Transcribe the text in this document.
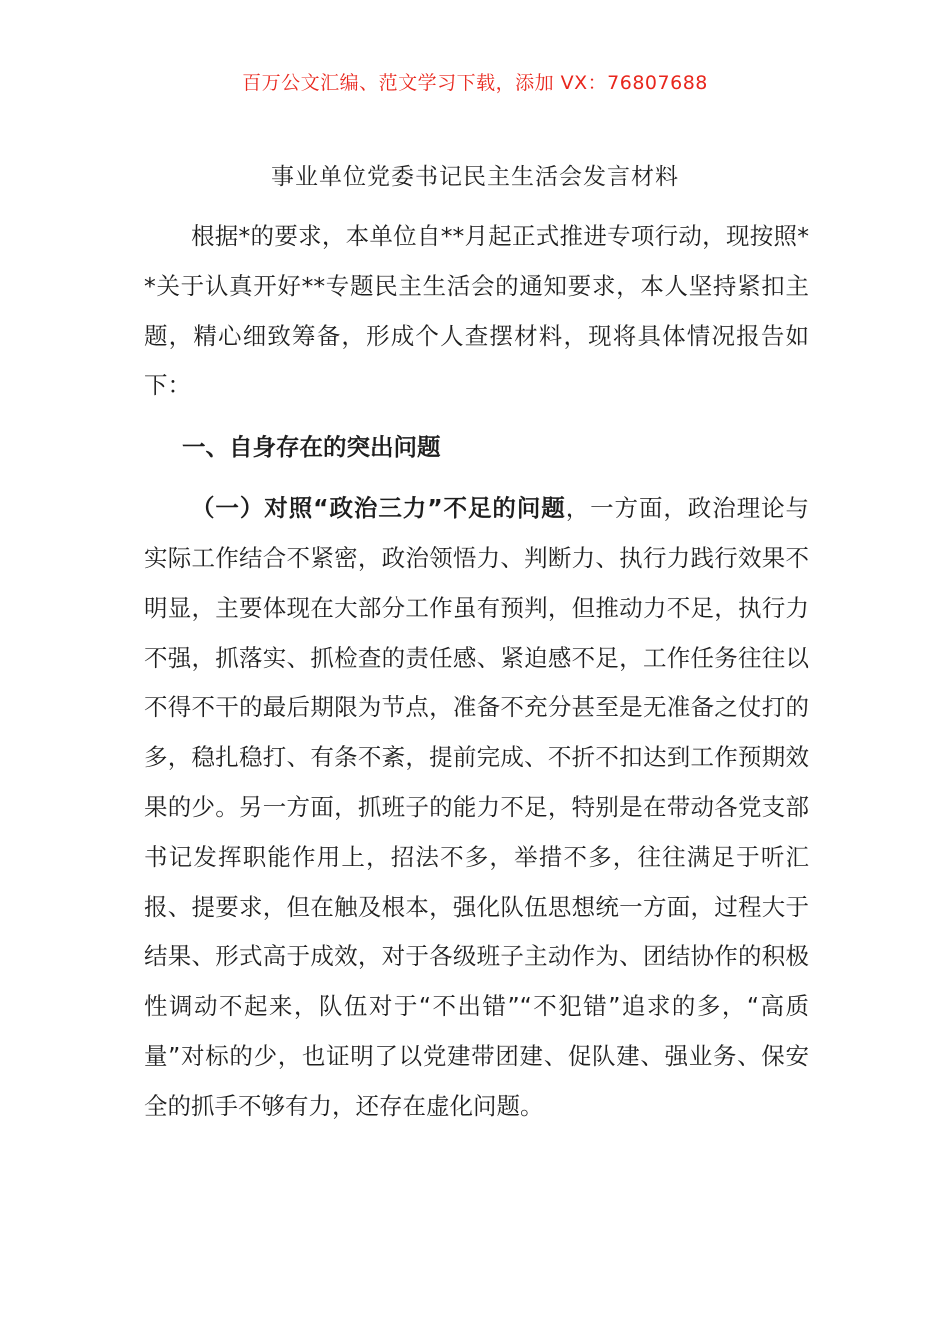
百万公文汇编、范文学习下载，添加 VX：76807688
事业单位党委书记民主生活会发言材料

根据*的要求，本单位自**月起正式推进专项行动，现按照**关于认真开好**专题民主生活会的通知要求，本人坚持紧扣主题，精心细致筹备，形成个人查摆材料，现将具体情况报告如下：

一、自身存在的突出问题

（一）对照“政治三力”不足的问题，一方面，政治理论与实际工作结合不紧密，政治领悟力、判断力、执行力践行效果不明显，主要体现在大部分工作虽有预判，但推动力不足，执行力不强，抓落实、抓检查的责任感、紧迫感不足，工作任务往往以不得不干的最后期限为节点，准备不充分甚至是无准备之仗打的多，稳扎稳打、有条不紊，提前完成、不折不扣达到工作预期效果的少。另一方面，抓班子的能力不足，特别是在带动各党支部书记发挥职能作用上，招法不多，举措不多，往往满足于听汇报、提要求，但在触及根本，强化队伍思想统一方面，过程大于结果、形式高于成效，对于各级班子主动作为、团结协作的积极性调动不起来，队伍对于“不出错”“不犯错”追求的多，“高质量”对标的少，也证明了以党建带团建、促队建、强业务、保安全的抓手不够有力，还存在虚化问题。
